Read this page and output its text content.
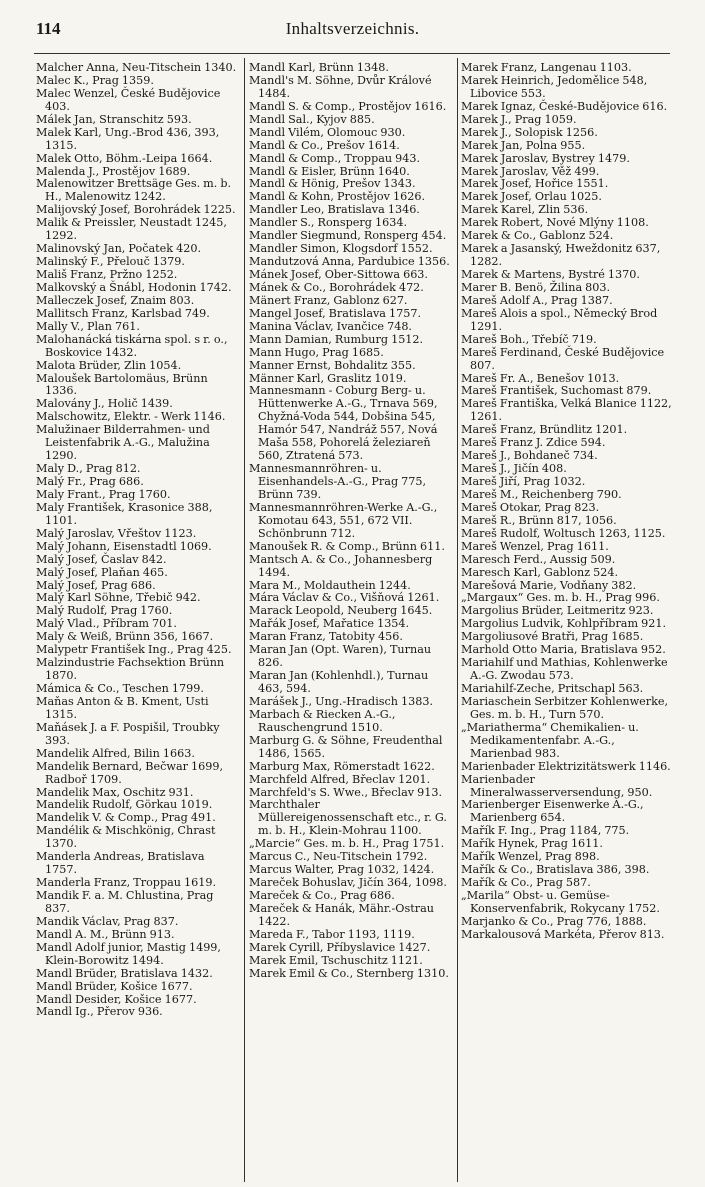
114	Inhaltsverzeichnis.

Malcher Anna, Neu-Titschein 1340.

Malec K., Prag 1359.

Malec Wenzel, České Budějovice 403.

Málek Jan, Stranschitz 593.

Malek Karl, Ung.-Brod 436, 393, 1315.

Malek Otto, Böhm.-Leipa 1664.

Malenda J., Prostějov 1689.

Malenowitzer Brettsäge Ges. m. b. H., Malenowitz 1242.

Malijovský Josef, Borohrádek 1225.

Malik & Preissler, Neustadt 1245, 1292.

Malinovský Jan, Počatek 420.

Malinský F., Přelouč 1379.

Mališ Franz, Pržno 1252.

Malkovský a Šnábl, Hodonin 1742.

Malleczek Josef, Znaim 803.

Mallitsch Franz, Karlsbad 749.

Mally V., Plan 761.

Malohanácká tiskárna spol. s r. o., Boskovice 1432.

Malota Brüder, Zlin 1054.

Maloušek Bartolomäus, Brünn 1336.

Malovány J., Holič 1439.

Malschowitz, Elektr. - Werk 1146.

Malužinaer Bilderrahmen- und Leistenfabrik A.-G., Malužina 1290.

Maly D., Prag 812.

Malý Fr., Prag 686.

Maly Frant., Prag 1760.

Maly František, Krasonice 388, 1101.

Malý Jaroslav, Vřeštov 1123.

Malý Johann, Eisenstadtl 1069.

Malý Josef, Časlav 842.

Malý Josef, Plaňan 465.

Malý Josef, Prag 686.

Malý Karl Söhne, Třebič 942.

Malý Rudolf, Prag 1760.

Malý Vlad., Příbram 701.

Maly & Weiß, Brünn 356, 1667.

Malypetr František Ing., Prag 425.

Malzindustrie Fachsektion Brünn 1870.

Mámica & Co., Teschen 1799.

Maňas Anton & B. Kment, Usti 1315.

Maňásek J. a F. Pospišil, Troubky 393.

Mandelik Alfred, Bilin 1663.

Mandelik Bernard, Bečwar 1699, Radboř 1709.

Mandelik Max, Oschitz 931.

Mandelik Rudolf, Görkau 1019.

Mandelik V. & Comp., Prag 491.

Mandélik & Mischkönig, Chrast 1370.

Manderla Andreas, Bratislava 1757.

Manderla Franz, Troppau 1619.

Mandik F. a. M. Chlustina, Prag 837.

Mandik Václav, Prag 837.

Mandl A. M., Brünn 913.

Mandl Adolf junior, Mastig 1499, Klein-Borowitz 1494.

Mandl Brüder, Bratislava 1432.

Mandl Brüder, Košice 1677.

Mandl Desider, Košice 1677.

Mandl Ig., Přerov 936.

Mandl Karl, Brünn 1348.

Mandl's M. Söhne, Dvůr Králové 1484.

Mandl S. & Comp., Prostějov 1616.

Mandl Sal., Kyjov 885.

Mandl Vilém, Olomouc 930.

Mandl & Co., Prešov 1614.

Mandl & Comp., Troppau 943.

Mandl & Eisler, Brünn 1640.

Mandl & Hönig, Prešov 1343.

Mandl & Kohn, Prostějov 1626.

Mandler Leo, Bratislava 1346.

Mandler S., Ronsperg 1634.

Mandler Siegmund, Ronsperg 454.

Mandler Simon, Klogsdorf 1552.

Mandutzová Anna, Pardubice 1356.

Mánek Josef, Ober-Sittowa 663.

Mánek & Co., Borohrádek 472.

Mänert Franz, Gablonz 627.

Mangel Josef, Bratislava 1757.

Manina Václav, Ivančice 748.

Mann Damian, Rumburg 1512.

Mann Hugo, Prag 1685.

Manner Ernst, Bohdalitz 355.

Männer Karl, Graslitz 1019.

Mannesmann - Coburg Berg- u. Hüttenwerke A.-G., Trnava 569, Chyžná-Voda 544, Dobšina 545, Hamór 547, Nandráž 557, Nová Maša 558, Pohorelá železiareň 560, Ztratená 573.

Mannesmannröhren- u. Eisenhandels-A.-G., Prag 775, Brünn 739.

Mannesmannröhren-Werke A.-G., Komotau 643, 551, 672 VII. Schönbrunn 712.

Manoušek R. & Comp., Brünn 611.

Mantsch A. & Co., Johannesberg 1494.

Mara M., Moldauthein 1244.

Mára Václav & Co., Višňová 1261.

Marack Leopold, Neuberg 1645.

Mařák Josef, Mařatice 1354.

Maran Franz, Tatobity 456.

Maran Jan (Opt. Waren), Turnau 826.

Maran Jan (Kohlenhdl.), Turnau 463, 594.

Marášek J., Ung.-Hradisch 1383.

Marbach & Riecken A.-G., Rauschengrund 1510.

Marburg G. & Söhne, Freudenthal 1486, 1565.

Marburg Max, Römerstadt 1622.

Marchfeld Alfred, Břeclav 1201.

Marchfeld's S. Wwe., Břeclav 913.

Marchthaler Müllereigenossenschaft etc., r. G. m. b. H., Klein-Mohrau 1100.

„Marcie“ Ges. m. b. H., Prag 1751.

Marcus C., Neu-Titschein 1792.

Marcus Walter, Prag 1032, 1424.

Mareček Bohuslav, Jičín 364, 1098.

Mareček & Co., Prag 686.

Mareček & Hanák, Mähr.-Ostrau 1422.

Mareda F., Tabor 1193, 1119.

Marek Cyrill, Příbyslavice 1427.

Marek Emil, Tschuschitz 1121.

Marek Emil & Co., Sternberg 1310.

Marek Franz, Langenau 1103.

Marek Heinrich, Jedomělice 548, Libovice 553.

Marek Ignaz, České-Budějovice 616.

Marek J., Prag 1059.

Marek J., Solopisk 1256.

Marek Jan, Polna 955.

Marek Jaroslav, Bystrey 1479.

Marek Jaroslav, Věž 499.

Marek Josef, Hořice 1551.

Marek Josef, Orlau 1025.

Marek Karel, Zlin 536.

Marek Robert, Nové Mlýny 1108.

Marek & Co., Gablonz 524.

Marek a Jasanský, Hweždonitz 637, 1282.

Marek & Martens, Bystré 1370.

Marer B. Benö, Žilina 803.

Mareš Adolf A., Prag 1387.

Mareš Alois a spol., Německý Brod 1291.

Mareš Boh., Třebíč 719.

Mareš Ferdinand, České Budějovice 807.

Mareš Fr. A., Benešov 1013.

Mareš František, Suchomast 879.

Mareš Františka, Velká Blanice 1122, 1261.

Mareš Franz, Bründlitz 1201.

Mareš Franz J. Zdice 594.

Mareš J., Bohdaneč 734.

Mareš J., Jičín 408.

Mareš Jiří, Prag 1032.

Mareš M., Reichenberg 790.

Mareš Otokar, Prag 823.

Mareš R., Brünn 817, 1056.

Mareš Rudolf, Woltusch 1263, 1125.

Mareš Wenzel, Prag 1611.

Maresch Ferd., Aussig 509.

Maresch Karl, Gablonz 524.

Marešová Marie, Vodňany 382.

„Margaux“ Ges. m. b. H., Prag 996.

Margolius Brüder, Leitmeritz 923.

Margolius Ludvik, Kohlpříbram 921.

Margoliusové Bratři, Prag 1685.

Marhold Otto Maria, Bratislava 952.

Mariahilf und Mathias, Kohlenwerke A.-G. Zwodau 573.

Mariahilf-Zeche, Pritschapl 563.

Mariaschein Serbitzer Kohlenwerke, Ges. m. b. H., Turn 570.

„Mariatherma“ Chemikalien- u. Medikamentenfabr. A.-G., Marienbad 983.

Marienbader Elektrizitätswerk 1146.

Marienbader Mineralwasserversendung, 950.

Marienberger Eisenwerke A.-G., Marienberg 654.

Mařík F. Ing., Prag 1184, 775.

Mařík Hynek, Prag 1611.

Mařík Wenzel, Prag 898.

Mařík & Co., Bratislava 386, 398.

Mařík & Co., Prag 587.

„Marila“ Obst- u. Gemüse-Konservenfabrik, Rokycany 1752.

Marjanko & Co., Prag 776, 1888.

Markalousová Markéta, Přerov 813.
